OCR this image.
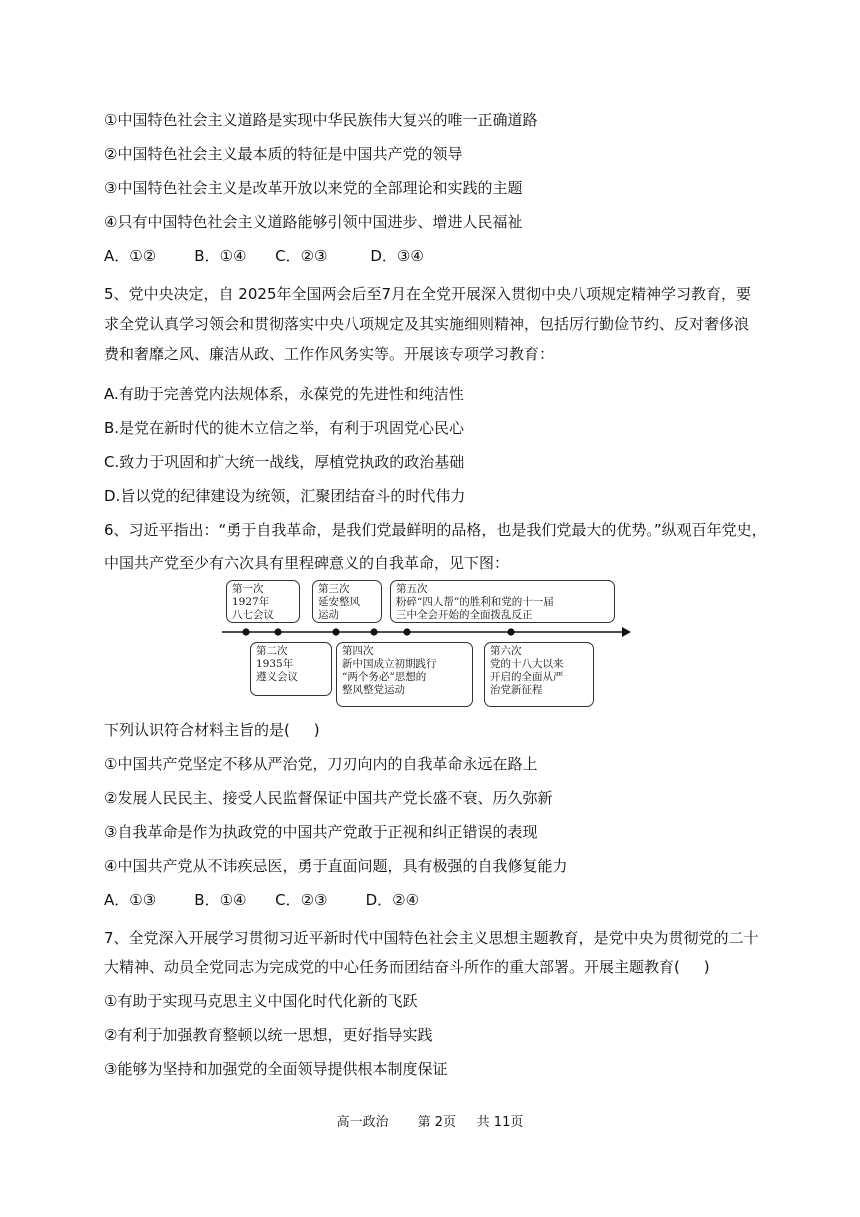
①中国特色社会主义道路是实现中华民族伟大复兴的唯一正确道路
②中国特色社会主义最本质的特征是中国共产党的领导
③中国特色社会主义是改革开放以来党的全部理论和实践的主题
④只有中国特色社会主义道路能够引领中国进步、增进人民福祉
A．①②        B．①④      C．②③         D．③④
5、党中央决定，自 2025年全国两会后至7月在全党开展深入贯彻中央八项规定精神学习教育，要
求全党认真学习领会和贯彻落实中央八项规定及其实施细则精神，包括厉行勤俭节约、反对奢侈浪
费和奢靡之风、廉洁从政、工作作风务实等。开展该专项学习教育：
A.有助于完善党内法规体系，永葆党的先进性和纯洁性
B.是党在新时代的徙木立信之举，有利于巩固党心民心
C.致力于巩固和扩大统一战线，厚植党执政的政治基础
D.旨以党的纪律建设为统领，汇聚团结奋斗的时代伟力
6、习近平指出：“勇于自我革命，是我们党最鲜明的品格，也是我们党最大的优势。”纵观百年党史，
中国共产党至少有六次具有里程碑意义的自我革命，见下图：
第一次
1927年
八七会议
第三次
延安整风
运动
第五次
粉碎“四人帮”的胜利和党的十一届
三中全会开始的全面拨乱反正
第二次
1935年
遵义会议
第四次
新中国成立初期践行
“两个务必”思想的
整风整党运动
第六次
党的十八大以来
开启的全面从严
治党新征程
下列认识符合材料主旨的是(     )
①中国共产党坚定不移从严治党，刀刃向内的自我革命永远在路上
②发展人民民主、接受人民监督保证中国共产党长盛不衰、历久弥新
③自我革命是作为执政党的中国共产党敢于正视和纠正错误的表现
④中国共产党从不讳疾忌医，勇于直面问题，具有极强的自我修复能力
A．①③        B．①④      C．②③        D．②④
7、全党深入开展学习贯彻习近平新时代中国特色社会主义思想主题教育，是党中央为贯彻党的二十
大精神、动员全党同志为完成党的中心任务而团结奋斗所作的重大部署。开展主题教育(     )
①有助于实现马克思主义中国化时代化新的飞跃
②有利于加强教育整顿以统一思想，更好指导实践
③能够为坚持和加强党的全面领导提供根本制度保证
高一政治 第 2页 共 11页
